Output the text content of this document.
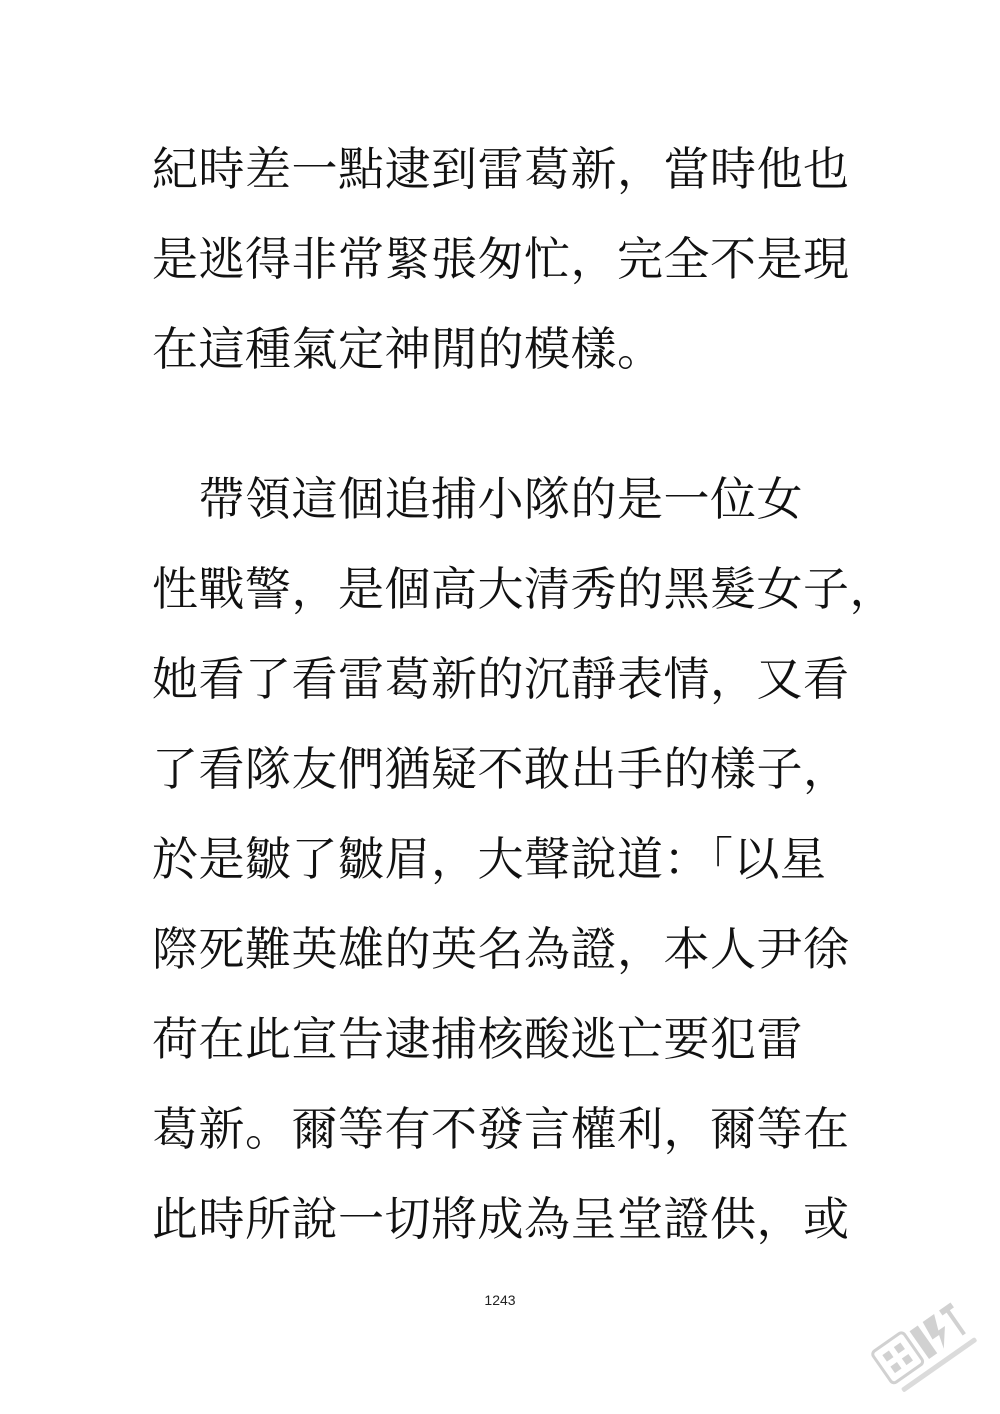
紀時差一點逮到雷葛新，當時他也
是逃得非常緊張匆忙，完全不是現
在這種氣定神閒的模樣。
　帶領這個追捕小隊的是一位女
性戰警，是個高大清秀的黑髮女子，
她看了看雷葛新的沉靜表情，又看
了看隊友們猶疑不敢出手的樣子，
於是皺了皺眉，大聲說道：「以星
際死難英雄的英名為證，本人尹徐
荷在此宣告逮捕核酸逃亡要犯雷
葛新。爾等有不發言權利，爾等在
此時所說一切將成為呈堂證供，或
1243
